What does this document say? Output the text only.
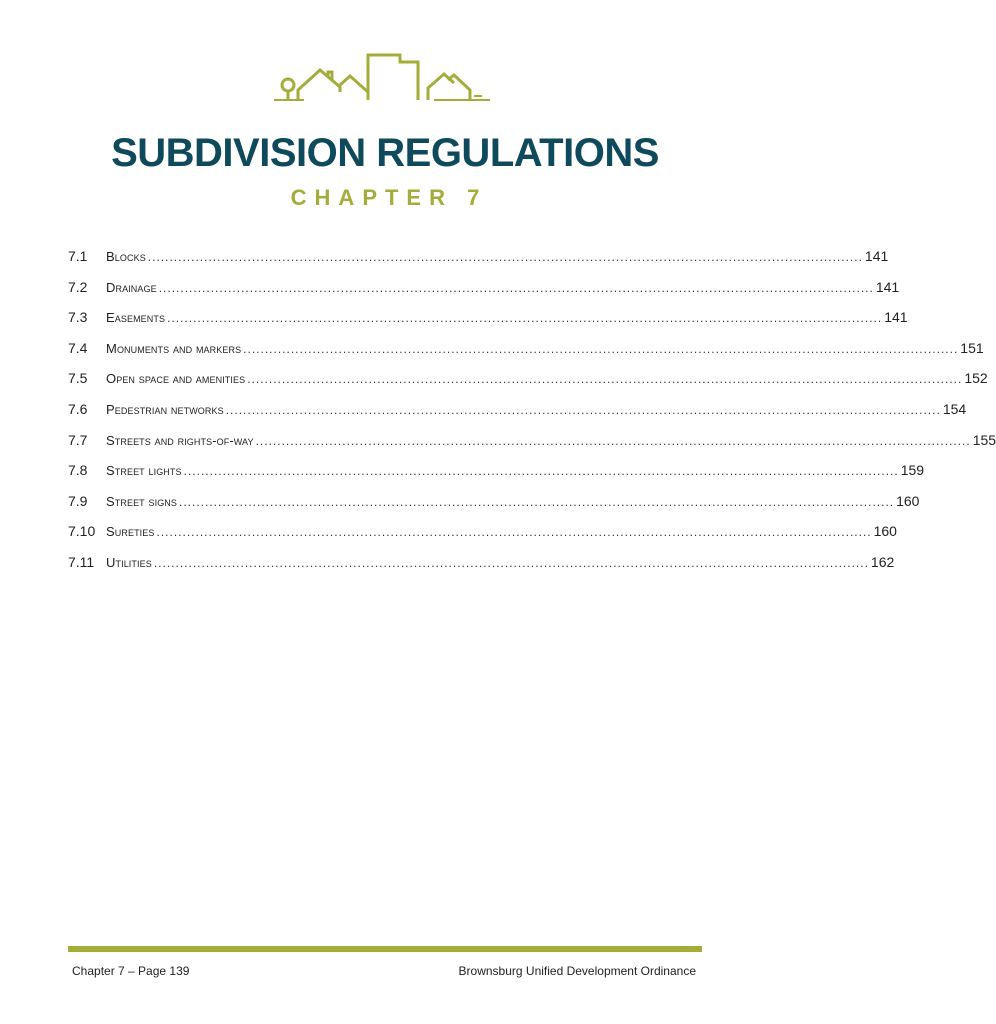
SUBDIVISION REGULATIONS
CHAPTER 7
7.1	blocks ..................................................................................................................................................................... 141
7.2	drainage ..................................................................................................................................................................... 141
7.3	easements ..................................................................................................................................................................... 141
7.4	monuments and markers ..................................................................................................................................................................... 151
7.5	open space and amenities ..................................................................................................................................................................... 152
7.6	pedestrian networks ..................................................................................................................................................................... 154
7.7	streets and rights-of-way ..................................................................................................................................................................... 155
7.8	street lights ..................................................................................................................................................................... 159
7.9	street signs ..................................................................................................................................................................... 160
7.10 sureties ..................................................................................................................................................................... 160
7.11 utilities ..................................................................................................................................................................... 162
Chapter 7 – Page 139	Brownsburg Unified Development Ordinance
